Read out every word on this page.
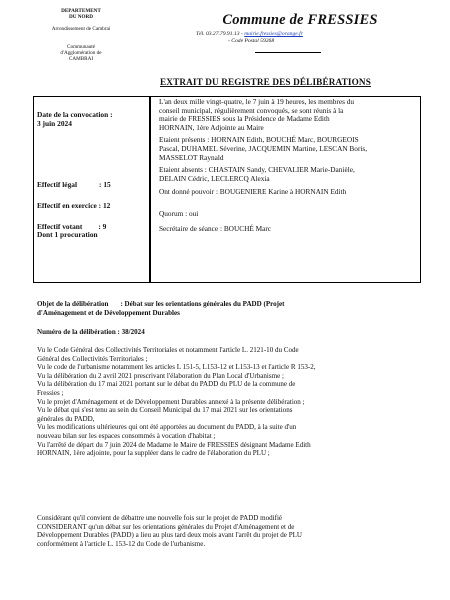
DEPARTEMENT
DU NORD
Arrondissement de Cambrai
Communauté
d'Agglomération de
CAMBRAI
Commune de FRESSIES
Tél. 03.27.79.91.13 - mairie.fressies@orange.fr
- Code Postal 59268
EXTRAIT DU REGISTRE DES DÉLIBÉRATIONS
Date de la convocation :
3 juin 2024
Effectif légal	: 15
Effectif en exercice : 12
Effectif votant : 9
Dont 1 procuration
L'an deux mille vingt-quatre, le 7 juin à 19 heures, les membres du
conseil municipal, régulièrement convoqués, se sont réunis à la
mairie de FRESSIES sous la Présidence de Madame Edith
HORNAIN, 1ère Adjointe au Maire
Etaient présents : HORNAIN Edith, BOUCHÉ Marc, BOURGEOIS
Pascal, DUHAMEL Séverine, JACQUEMIN Martine, LESCAN Boris,
MASSELOT Raynald
Etaient absents : CHASTAIN Sandy, CHEVALIER Marie-Danièle,
DELAIN Cédric, LECLERCQ Alexia
Ont donné pouvoir : BOUGENIERE Karine à HORNAIN Edith
Quorum : oui
Secrétaire de séance : BOUCHÉ Marc
Objet de la délibération : Débat sur les orientations générales du PADD (Projet
d'Aménagement et de Développement Durables
Numéro de la délibération : 38/2024
Vu le Code Général des Collectivités Territoriales et notamment l'article L. 2121-10 du Code
Général des Collectivités Territoriales ;
Vu le code de l'urbanisme notamment les articles L 151-5, L153-12 et L153-13 et l'article R 153-2,
Vu la délibération du 2 avril 2021 prescrivant l'élaboration du Plan Local d'Urbanisme ;
Vu la délibération du 17 mai 2021 portant sur le débat du PADD du PLU de la commune de
Fressies ;
Vu le projet d'Aménagement et de Développement Durables annexé à la présente délibération ;
Vu le débat qui s'est tenu au sein du Conseil Municipal du 17 mai 2021 sur les orientations
générales du PADD,
Vu les modifications ultérieures qui ont été apportées au document du PADD, à la suite d'un
nouveau bilan sur les espaces consommés à vocation d'habitat ;
Vu l'arrêté de départ du 7 juin 2024 de Madame le Maire de FRESSIES désignant Madame Edith
HORNAIN, 1ère adjointe, pour la suppléer dans le cadre de l'élaboration du PLU ;
Considérant qu'il convient de débattre une nouvelle fois sur le projet de PADD modifié
CONSIDERANT qu'un débat sur les orientations générales du Projet d'Aménagement et de
Développement Durables (PADD) a lieu au plus tard deux mois avant l'arrêt du projet de PLU
conformément à l'article L. 153-12 du Code de l'urbanisme.
